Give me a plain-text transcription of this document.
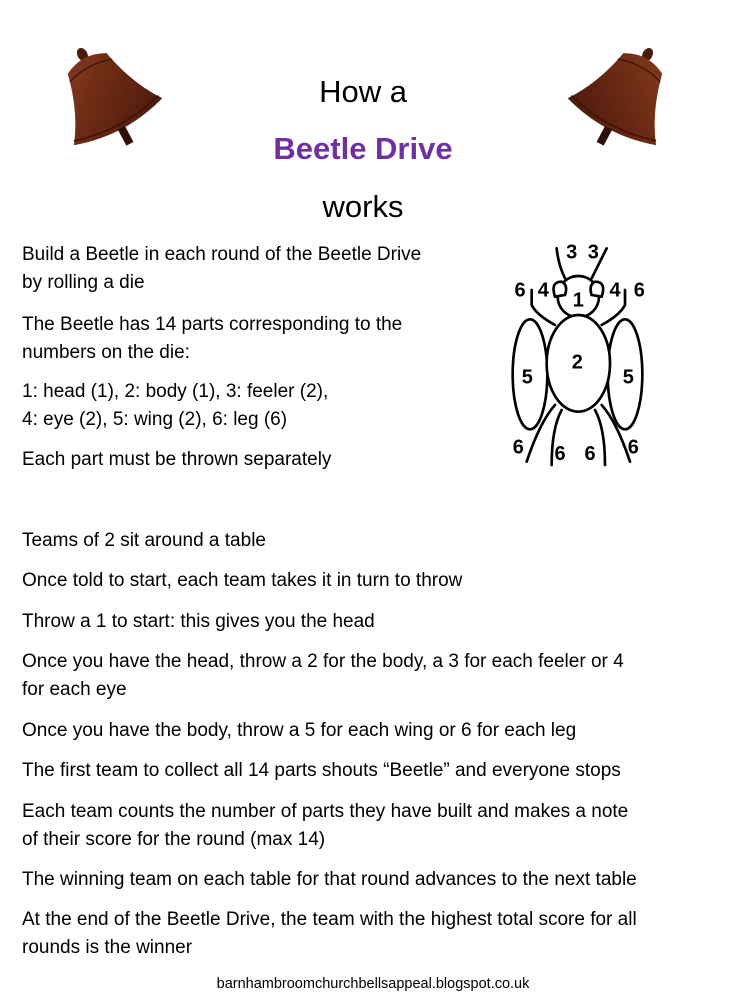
How a
Beetle Drive
works
3 3
4 4
6 6
1
2
5 5
6 6 6 6

Build a Beetle in each round of the Beetle Drive
by rolling a die

The Beetle has 14 parts corresponding to the
numbers on the die:

1: head (1), 2: body (1), 3: feeler (2),
4: eye (2), 5: wing (2), 6: leg (6)

Each part must be thrown separately

Teams of 2 sit around a table

Once told to start, each team takes it in turn to throw

Throw a 1 to start: this gives you the head

Once you have the head, throw a 2 for the body, a 3 for each feeler or 4
for each eye

Once you have the body, throw a 5 for each wing or 6 for each leg

The first team to collect all 14 parts shouts “Beetle” and everyone stops

Each team counts the number of parts they have built and makes a note
of their score for the round (max 14)

The winning team on each table for that round advances to the next table

At the end of the Beetle Drive, the team with the highest total score for all
rounds is the winner

barnhambroomchurchbellsappeal.blogspot.co.uk
